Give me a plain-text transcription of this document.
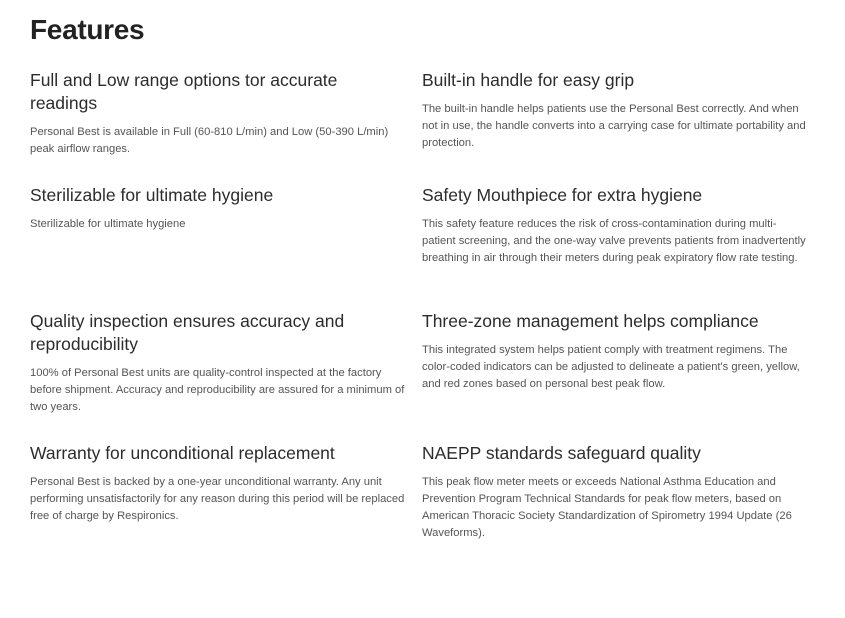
Features
Full and Low range options tor accurate readings

Personal Best is available in Full (60-810 L/min) and Low (50-390 L/min) peak airflow ranges.

Built-in handle for easy grip

The built-in handle helps patients use the Personal Best correctly. And when not in use, the handle converts into a carrying case for ultimate portability and protection.

Sterilizable for ultimate hygiene

Sterilizable for ultimate hygiene

Safety Mouthpiece for extra hygiene

This safety feature reduces the risk of cross-contamination during multi-patient screening, and the one-way valve prevents patients from inadvertently breathing in air through their meters during peak expiratory flow rate testing.

Quality inspection ensures accuracy and reproducibility

100% of Personal Best units are quality-control inspected at the factory before shipment. Accuracy and reproducibility are assured for a minimum of two years.

Three-zone management helps compliance

This integrated system helps patient comply with treatment regimens. The color-coded indicators can be adjusted to delineate a patient's green, yellow, and red zones based on personal best peak flow.

Warranty for unconditional replacement

Personal Best is backed by a one-year unconditional warranty. Any unit performing unsatisfactorily for any reason during this period will be replaced free of charge by Respironics.

NAEPP standards safeguard quality

This peak flow meter meets or exceeds National Asthma Education and Prevention Program Technical Standards for peak flow meters, based on American Thoracic Society Standardization of Spirometry 1994 Update (26 Waveforms).
